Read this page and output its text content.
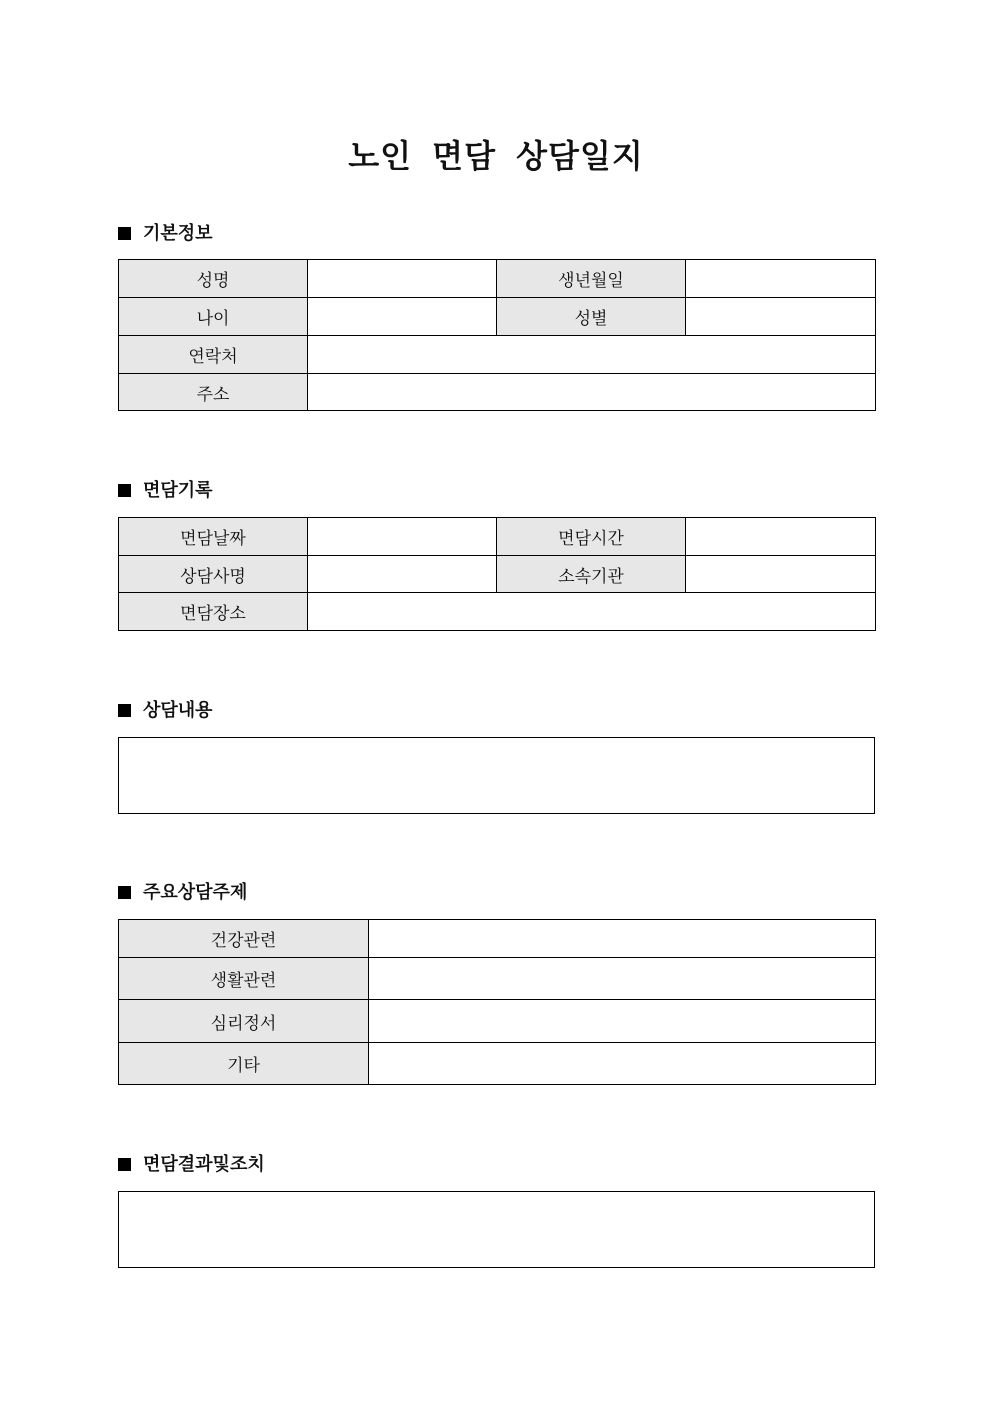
노인 면담 상담일지
기본정보
성명		생년월일	
나이		성별	
연락처			
주소			
면담기록
면담날짜		면담시간	
상담사명		소속기관	
면담장소			
상담내용
주요상담주제
건강관련	
생활관련	
심리정서	
기타	
면담결과및조치
